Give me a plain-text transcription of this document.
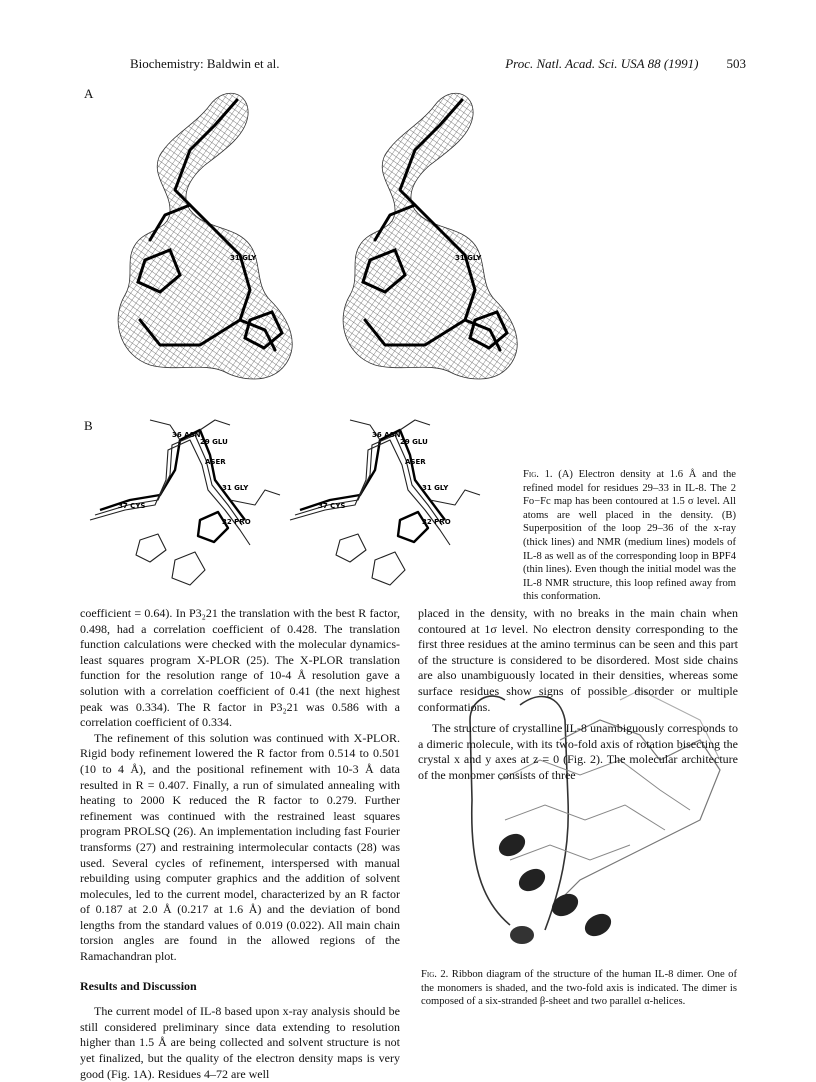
Biochemistry: Baldwin et al.	Proc. Natl. Acad. Sci. USA 88 (1991) 503
A
31 GLY	31 GLY
36 ASN
29 GLU
ASER
37 CYS
31 GLY
32 PRO
36 ASN
29 GLU
ASER
37 CYS
31 GLY
32 PRO
B
Fig. 1. (A) Electron density at 1.6 Å and the refined model for residues 29–33 in IL-8. The 2 Fo−Fc map has been contoured at 1.5 σ level. All atoms are well placed in the density. (B) Superposition of the loop 29–36 of the x-ray (thick lines) and NMR (medium lines) models of IL-8 as well as of the corresponding loop in BPF4 (thin lines). Even though the initial model was the IL-8 NMR structure, this loop refined away from this conformation.

coefficient = 0.64). In P3₂21 the translation with the best R factor, 0.498, had a correlation coefficient of 0.428. The translation function calculations were checked with the molecular dynamics-least squares program X-PLOR (25). The X-PLOR translation function for the resolution range of 10-4 Å resolution gave a solution with a correlation coefficient of 0.41 (the next highest peak was 0.334). The R factor in P3₂21 was 0.586 with a correlation coefficient of 0.334.

The refinement of this solution was continued with X-PLOR. Rigid body refinement lowered the R factor from 0.514 to 0.501 (10 to 4 Å), and the positional refinement with 10-3 Å data resulted in R = 0.407. Finally, a run of simulated annealing with heating to 2000 K reduced the R factor to 0.279. Further refinement was continued with the restrained least squares program PROLSQ (26). An implementation including fast Fourier transforms (27) and restraining intermolecular contacts (28) was used. Several cycles of refinement, interspersed with manual rebuilding using computer graphics and the addition of solvent molecules, led to the current model, characterized by an R factor of 0.187 at 2.0 Å (0.217 at 1.6 Å) and the deviation of bond lengths from the standard values of 0.019 (0.022). All main chain torsion angles are found in the allowed regions of the Ramachandran plot.

Results and Discussion

The current model of IL-8 based upon x-ray analysis should be still considered preliminary since data extending to resolution higher than 1.5 Å are being collected and solvent structure is not yet finalized, but the quality of the electron density maps is very good (Fig. 1A). Residues 4–72 are well

placed in the density, with no breaks in the main chain when contoured at 1σ level. No electron density corresponding to the first three residues at the amino terminus can be seen and this part of the structure is considered to be disordered. Most side chains are also unambiguously located in their densities, whereas some surface residues show signs of possible disorder or multiple conformations.

The structure of crystalline IL-8 unambiguously corresponds to a dimeric molecule, with its two-fold axis of rotation bisecting the crystal x and y axes at z = 0 (Fig. 2). The molecular architecture of the monomer consists of three

Fig. 2. Ribbon diagram of the structure of the human IL-8 dimer. One of the monomers is shaded, and the two-fold axis is indicated. The dimer is composed of a six-stranded β-sheet and two parallel α-helices.
